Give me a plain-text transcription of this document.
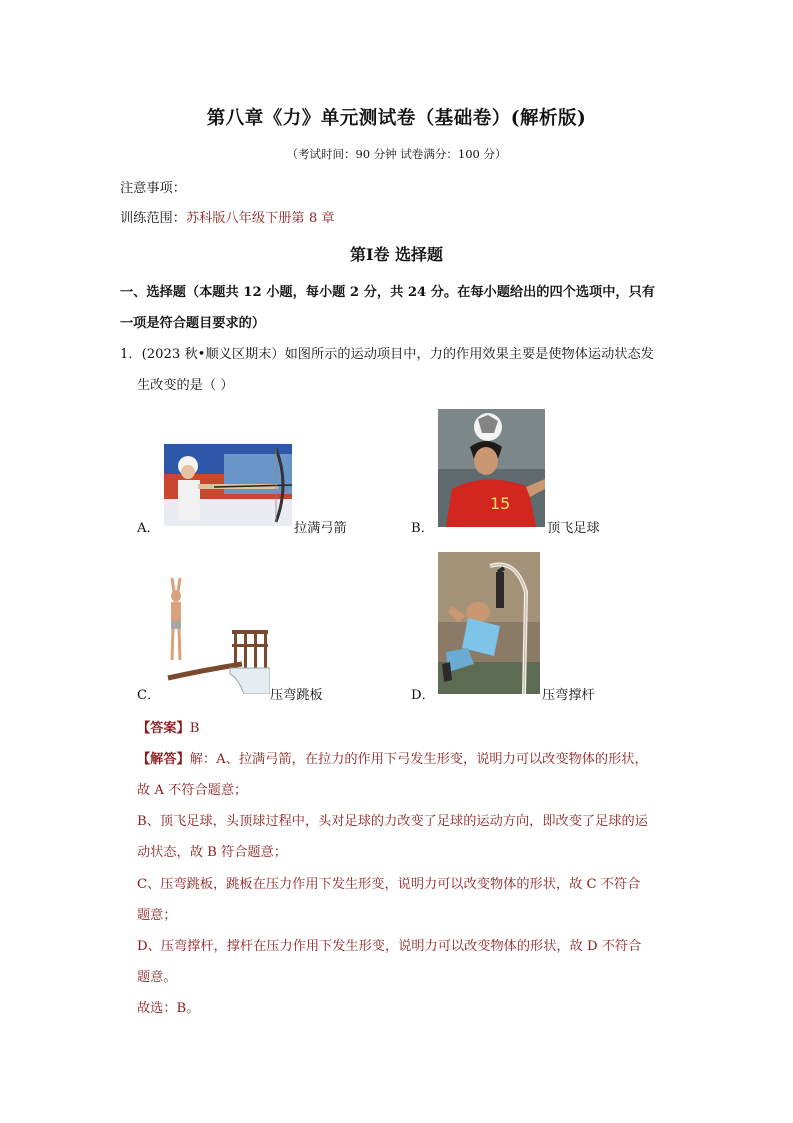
第八章《力》单元测试卷（基础卷）(解析版)
（考试时间：90 分钟 试卷满分：100 分）
注意事项：
训练范围：苏科版八年级下册第 8 章
第Ⅰ卷 选择题
一、选择题（本题共 12 小题，每小题 2 分，共 24 分。在每小题给出的四个选项中，只有
一项是符合题目要求的）
1．(2023 秋•顺义区期末）如图所示的运动项目中，力的作用效果主要是使物体运动状态发
生改变的是（ ）
A．	拉满弓箭	B．
15
顶飞足球
C．	压弯跳板	D．	压弯撑杆
【答案】B
【解答】解：A、拉满弓箭，在拉力的作用下弓发生形变，说明力可以改变物体的形状，
故 A 不符合题意；
B、顶飞足球，头顶球过程中，头对足球的力改变了足球的运动方向，即改变了足球的运
动状态，故 B 符合题意；
C、压弯跳板，跳板在压力作用下发生形变，说明力可以改变物体的形状，故 C 不符合
题意；
D、压弯撑杆，撑杆在压力作用下发生形变，说明力可以改变物体的形状，故 D 不符合
题意。
故选：B。
